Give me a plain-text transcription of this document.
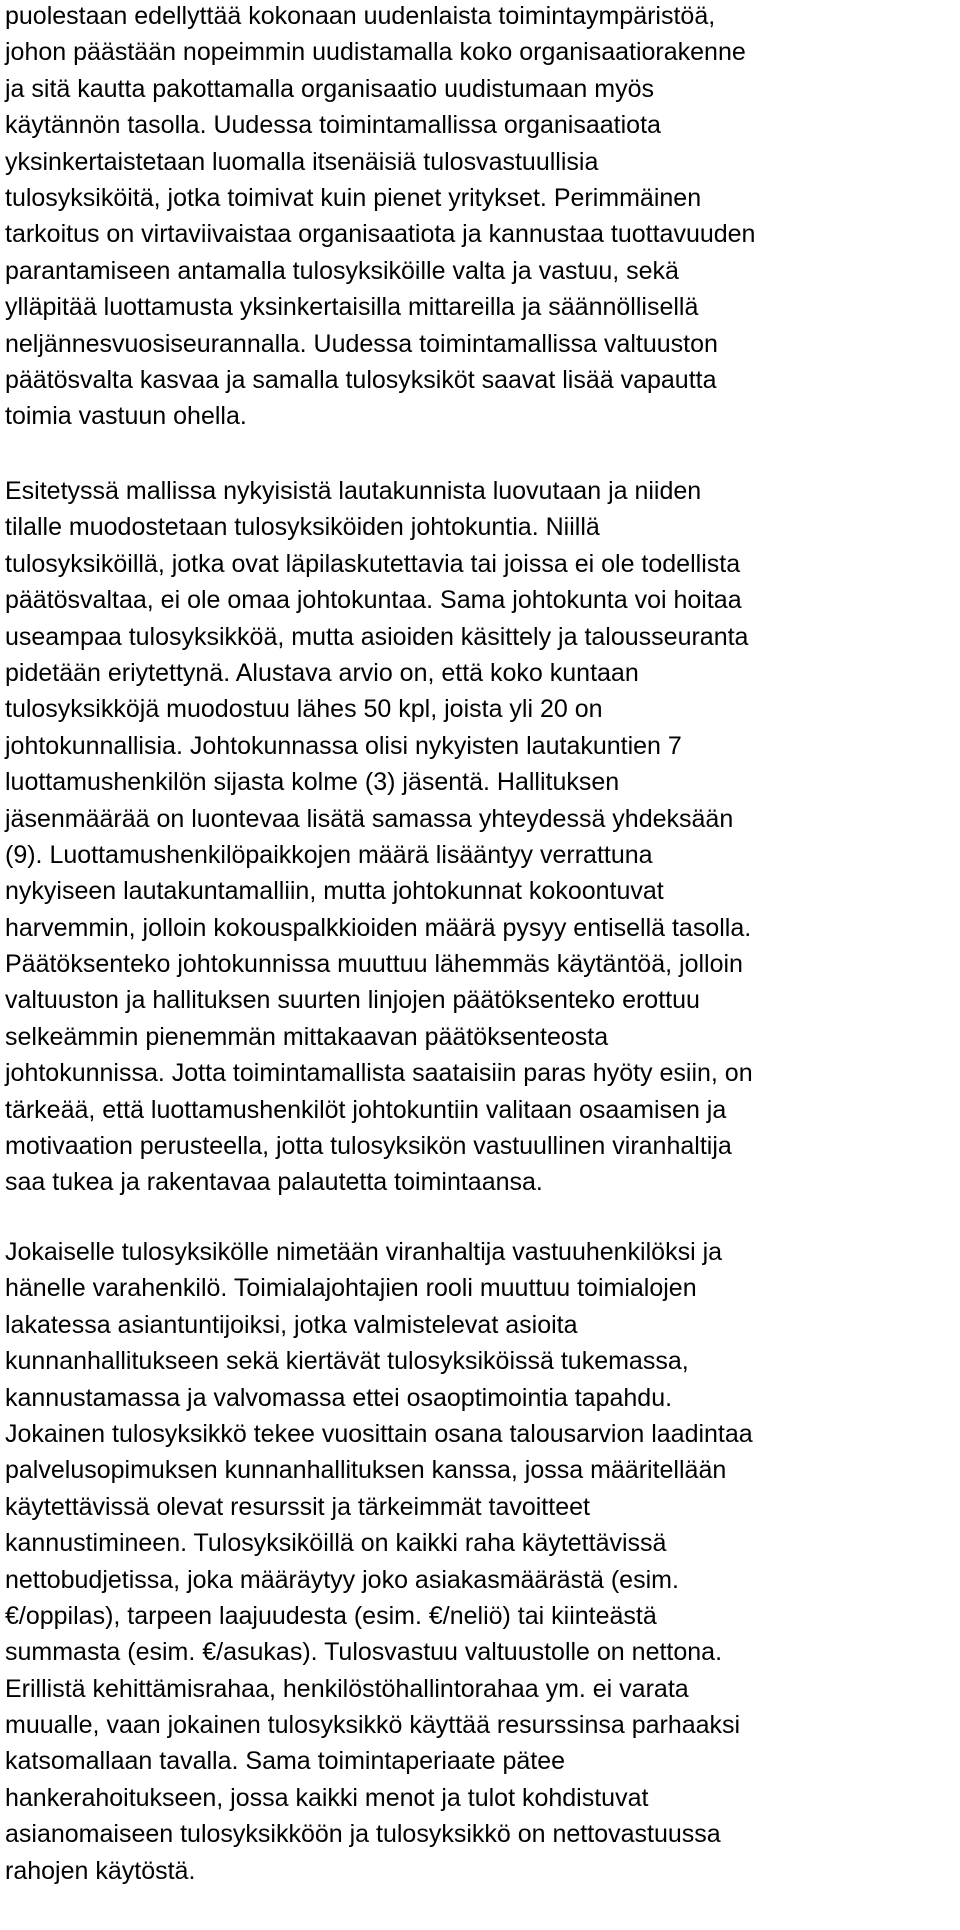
puolestaan edellyttää kokonaan uudenlaista toimintaympäristöä,
johon päästään nopeimmin uudistamalla koko organisaatiorakenne
ja sitä kautta pakottamalla organisaatio uudistumaan myös
käytännön tasolla. Uudessa toimintamallissa organisaatiota
yksinkertaistetaan luomalla itsenäisiä tulosvastuullisia
tulosyksiköitä, jotka toimivat kuin pienet yritykset. Perimmäinen
tarkoitus on virtaviivaistaa organisaatiota ja kannustaa tuottavuuden
parantamiseen antamalla tulosyksiköille valta ja vastuu, sekä
ylläpitää luottamusta yksinkertaisilla mittareilla ja säännöllisellä
neljännesvuosiseurannalla. Uudessa toimintamallissa valtuuston
päätösvalta kasvaa ja samalla tulosyksiköt saavat lisää vapautta
toimia vastuun ohella.
Esitetyssä mallissa nykyisistä lautakunnista luovutaan ja niiden
tilalle muodostetaan tulosyksiköiden johtokuntia. Niillä
tulosyksiköillä, jotka ovat läpilaskutettavia tai joissa ei ole todellista
päätösvaltaa, ei ole omaa johtokuntaa. Sama johtokunta voi hoitaa
useampaa tulosyksikköä, mutta asioiden käsittely ja talousseuranta
pidetään eriytettynä. Alustava arvio on, että koko kuntaan
tulosyksikköjä muodostuu lähes 50 kpl, joista yli 20 on
johtokunnallisia. Johtokunnassa olisi nykyisten lautakuntien 7
luottamushenkilön sijasta kolme (3) jäsentä. Hallituksen
jäsenmäärää on luontevaa lisätä samassa yhteydessä yhdeksään
(9). Luottamushenkilöpaikkojen määrä lisääntyy verrattuna
nykyiseen lautakuntamalliin, mutta johtokunnat kokoontuvat
harvemmin, jolloin kokouspalkkioiden määrä pysyy entisellä tasolla.
Päätöksenteko johtokunnissa muuttuu lähemmäs käytäntöä, jolloin
valtuuston ja hallituksen suurten linjojen päätöksenteko erottuu
selkeämmin pienemmän mittakaavan päätöksenteosta
johtokunnissa. Jotta toimintamallista saataisiin paras hyöty esiin, on
tärkeää, että luottamushenkilöt johtokuntiin valitaan osaamisen ja
motivaation perusteella, jotta tulosyksikön vastuullinen viranhaltija
saa tukea ja rakentavaa palautetta toimintaansa.
Jokaiselle tulosyksikölle nimetään viranhaltija vastuuhenkilöksi ja
hänelle varahenkilö. Toimialajohtajien rooli muuttuu toimialojen
lakatessa asiantuntijoiksi, jotka valmistelevat asioita
kunnanhallitukseen sekä kiertävät tulosyksiköissä tukemassa,
kannustamassa ja valvomassa ettei osaoptimointia tapahdu.
Jokainen tulosyksikkö tekee vuosittain osana talousarvion laadintaa
palvelusopimuksen kunnanhallituksen kanssa, jossa määritellään
käytettävissä olevat resurssit ja tärkeimmät tavoitteet
kannustimineen. Tulosyksiköillä on kaikki raha käytettävissä
nettobudjetissa, joka määräytyy joko asiakasmäärästä (esim.
€/oppilas), tarpeen laajuudesta (esim. €/neliö) tai kiinteästä
summasta (esim. €/asukas). Tulosvastuu valtuustolle on nettona.
Erillistä kehittämisrahaa, henkilöstöhallintorahaa ym. ei varata
muualle, vaan jokainen tulosyksikkö käyttää resurssinsa parhaaksi
katsomallaan tavalla. Sama toimintaperiaate pätee
hankerahoitukseen, jossa kaikki menot ja tulot kohdistuvat
asianomaiseen tulosyksikköön ja tulosyksikkö on nettovastuussa
rahojen käytöstä.
